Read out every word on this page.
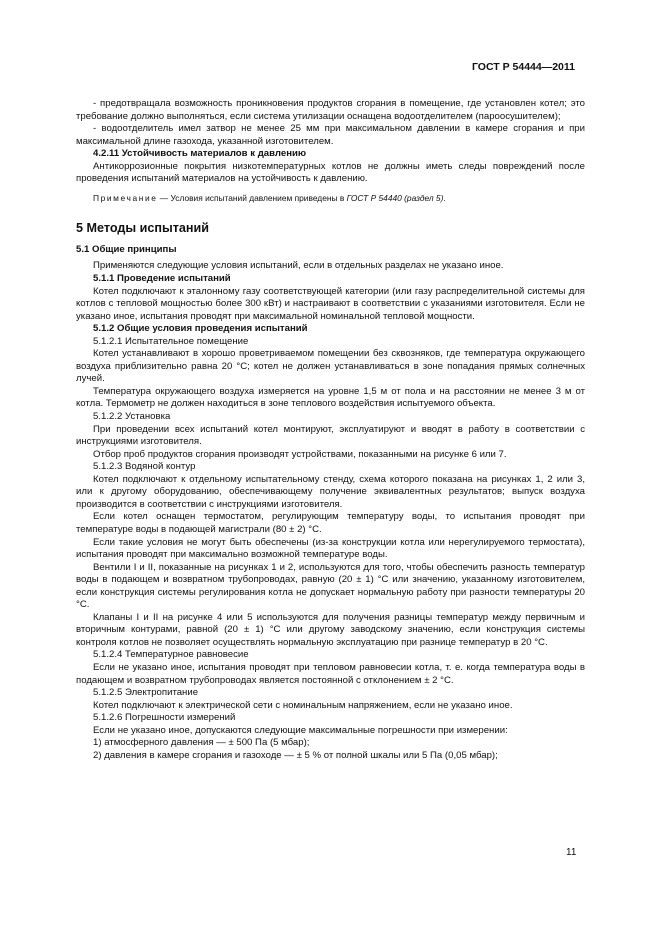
ГОСТ Р 54444—2011

- предотвращала возможность проникновения продуктов сгорания в помещение, где установлен котел; это требование должно выполняться, если система утилизации оснащена водоотделителем (пароосушителем);

- водоотделитель имел затвор не менее 25 мм при максимальном давлении в камере сгорания и при максимальной длине газохода, указанной изготовителем.

4.2.11 Устойчивость материалов к давлению

Антикоррозионные покрытия низкотемпературных котлов не должны иметь следы повреждений после проведения испытаний материалов на устойчивость к давлению.

Примечание — Условия испытаний давлением приведены в ГОСТ Р 54440 (раздел 5).

5 Методы испытаний

5.1 Общие принципы

Применяются следующие условия испытаний, если в отдельных разделах не указано иное.

5.1.1 Проведение испытаний

Котел подключают к эталонному газу соответствующей категории (или газу распределительной системы для котлов с тепловой мощностью более 300 кВт) и настраивают в соответствии с указаниями изготовителя. Если не указано иное, испытания проводят при максимальной номинальной тепловой мощности.

5.1.2 Общие условия проведения испытаний

5.1.2.1 Испытательное помещение

Котел устанавливают в хорошо проветриваемом помещении без сквозняков, где температура окружающего воздуха приблизительно равна 20 °С; котел не должен устанавливаться в зоне попадания прямых солнечных лучей.

Температура окружающего воздуха измеряется на уровне 1,5 м от пола и на расстоянии не менее 3 м от котла. Термометр не должен находиться в зоне теплового воздействия испытуемого объекта.

5.1.2.2 Установка

При проведении всех испытаний котел монтируют, эксплуатируют и вводят в работу в соответствии с инструкциями изготовителя.

Отбор проб продуктов сгорания производят устройствами, показанными на рисунке 6 или 7.

5.1.2.3 Водяной контур

Котел подключают к отдельному испытательному стенду, схема которого показана на рисунках 1, 2 или 3, или к другому оборудованию, обеспечивающему получение эквивалентных результатов; выпуск воздуха производится в соответствии с инструкциями изготовителя.

Если котел оснащен термостатом, регулирующим температуру воды, то испытания проводят при температуре воды в подающей магистрали (80 ± 2) °С.

Если такие условия не могут быть обеспечены (из-за конструкции котла или нерегулируемого термостата), испытания проводят при максимально возможной температуре воды.

Вентили I и II, показанные на рисунках 1 и 2, используются для того, чтобы обеспечить разность температур воды в подающем и возвратном трубопроводах, равную (20 ± 1) °С или значению, указанному изготовителем, если конструкция системы регулирования котла не допускает нормальную работу при разности температуры 20 °С.

Клапаны I и II на рисунке 4 или 5 используются для получения разницы температур между первичным и вторичным контурами, равной (20 ± 1) °С или другому заводскому значению, если конструкция системы контроля котлов не позволяет осуществлять нормальную эксплуатацию при разнице температур в 20 °С.

5.1.2.4 Температурное равновесие

Если не указано иное, испытания проводят при тепловом равновесии котла, т. е. когда температура воды в подающем и возвратном трубопроводах является постоянной с отклонением ± 2 °С.

5.1.2.5 Электропитание

Котел подключают к электрической сети с номинальным напряжением, если не указано иное.

5.1.2.6 Погрешности измерений

Если не указано иное, допускаются следующие максимальные погрешности при измерении:

1) атмосферного давления — ± 500 Па (5 мбар);

2) давления в камере сгорания и газоходе — ± 5 % от полной шкалы или 5 Па (0,05 мбар);

11
